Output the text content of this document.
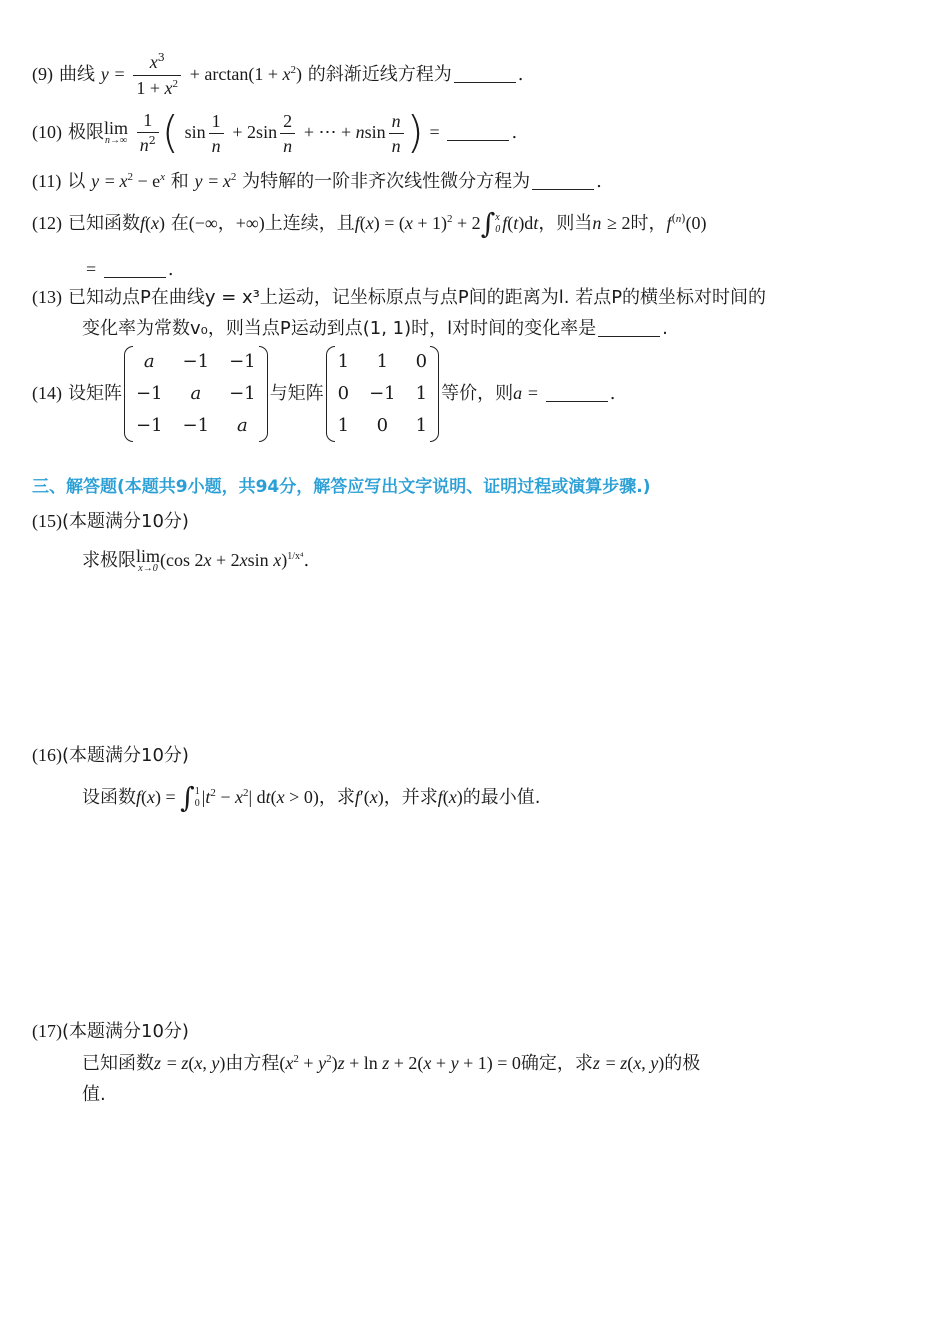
(9) 曲线 $y = \frac{x^3}{1 + x^2} + \arctan(1 + x^2)$ 的斜渐近线方程为	.
(10) 极限lim
n→∞
$\frac{1}{n^2}$ ( $\sin \frac{1}{n} + 2\sin \frac{2}{n}$ + ⋯ + nsin $\frac{n}{n}$ ) =	.
(11) 以 $y = x^2 - e^x$ 和 $y = x^2$ 为特解的一阶非齐次线性微分方程为	.
(12) 已知函数f(x) 在(−∞，+∞)上连续，且$f(x) = (x + 1)^2 + 2\int$ x
0 f(t)dt，则当n ≥ 2时，$f^{(n)}(0)$
=	.
(13) 已知动点P在曲线y = x³上运动，记坐标原点与点P间的距离为l. 若点P的横坐标对时间的
变化率为常数v₀，则当点P运动到点(1, 1)时，l对时间的变化率是	.
(14) 设矩阵
a	−1	−1
−1	a	−1
−1	−1	a
与矩阵
1	1	0
0	−1	1
1	0	1
等价，则a =	.
三、解答题(本题共9小题，共94分，解答应写出文字说明、证明过程或演算步骤.)
(15)(本题满分10分)
求极限lim
x→0 (cos 2x + 2xsin x)$^{1/x^4}$.
(16)(本题满分10分)
设函数f(x) = ∫ 1
0 $|t^2 - x^2|$ dt(x > 0)，求f′(x)，并求f(x)的最小值.
(17)(本题满分10分)
已知函数z = z(x, y)由方程$(x^2 + y^2)z + \ln z + 2(x + y + 1) = 0$确定，求z = z(x, y)的极
值.
